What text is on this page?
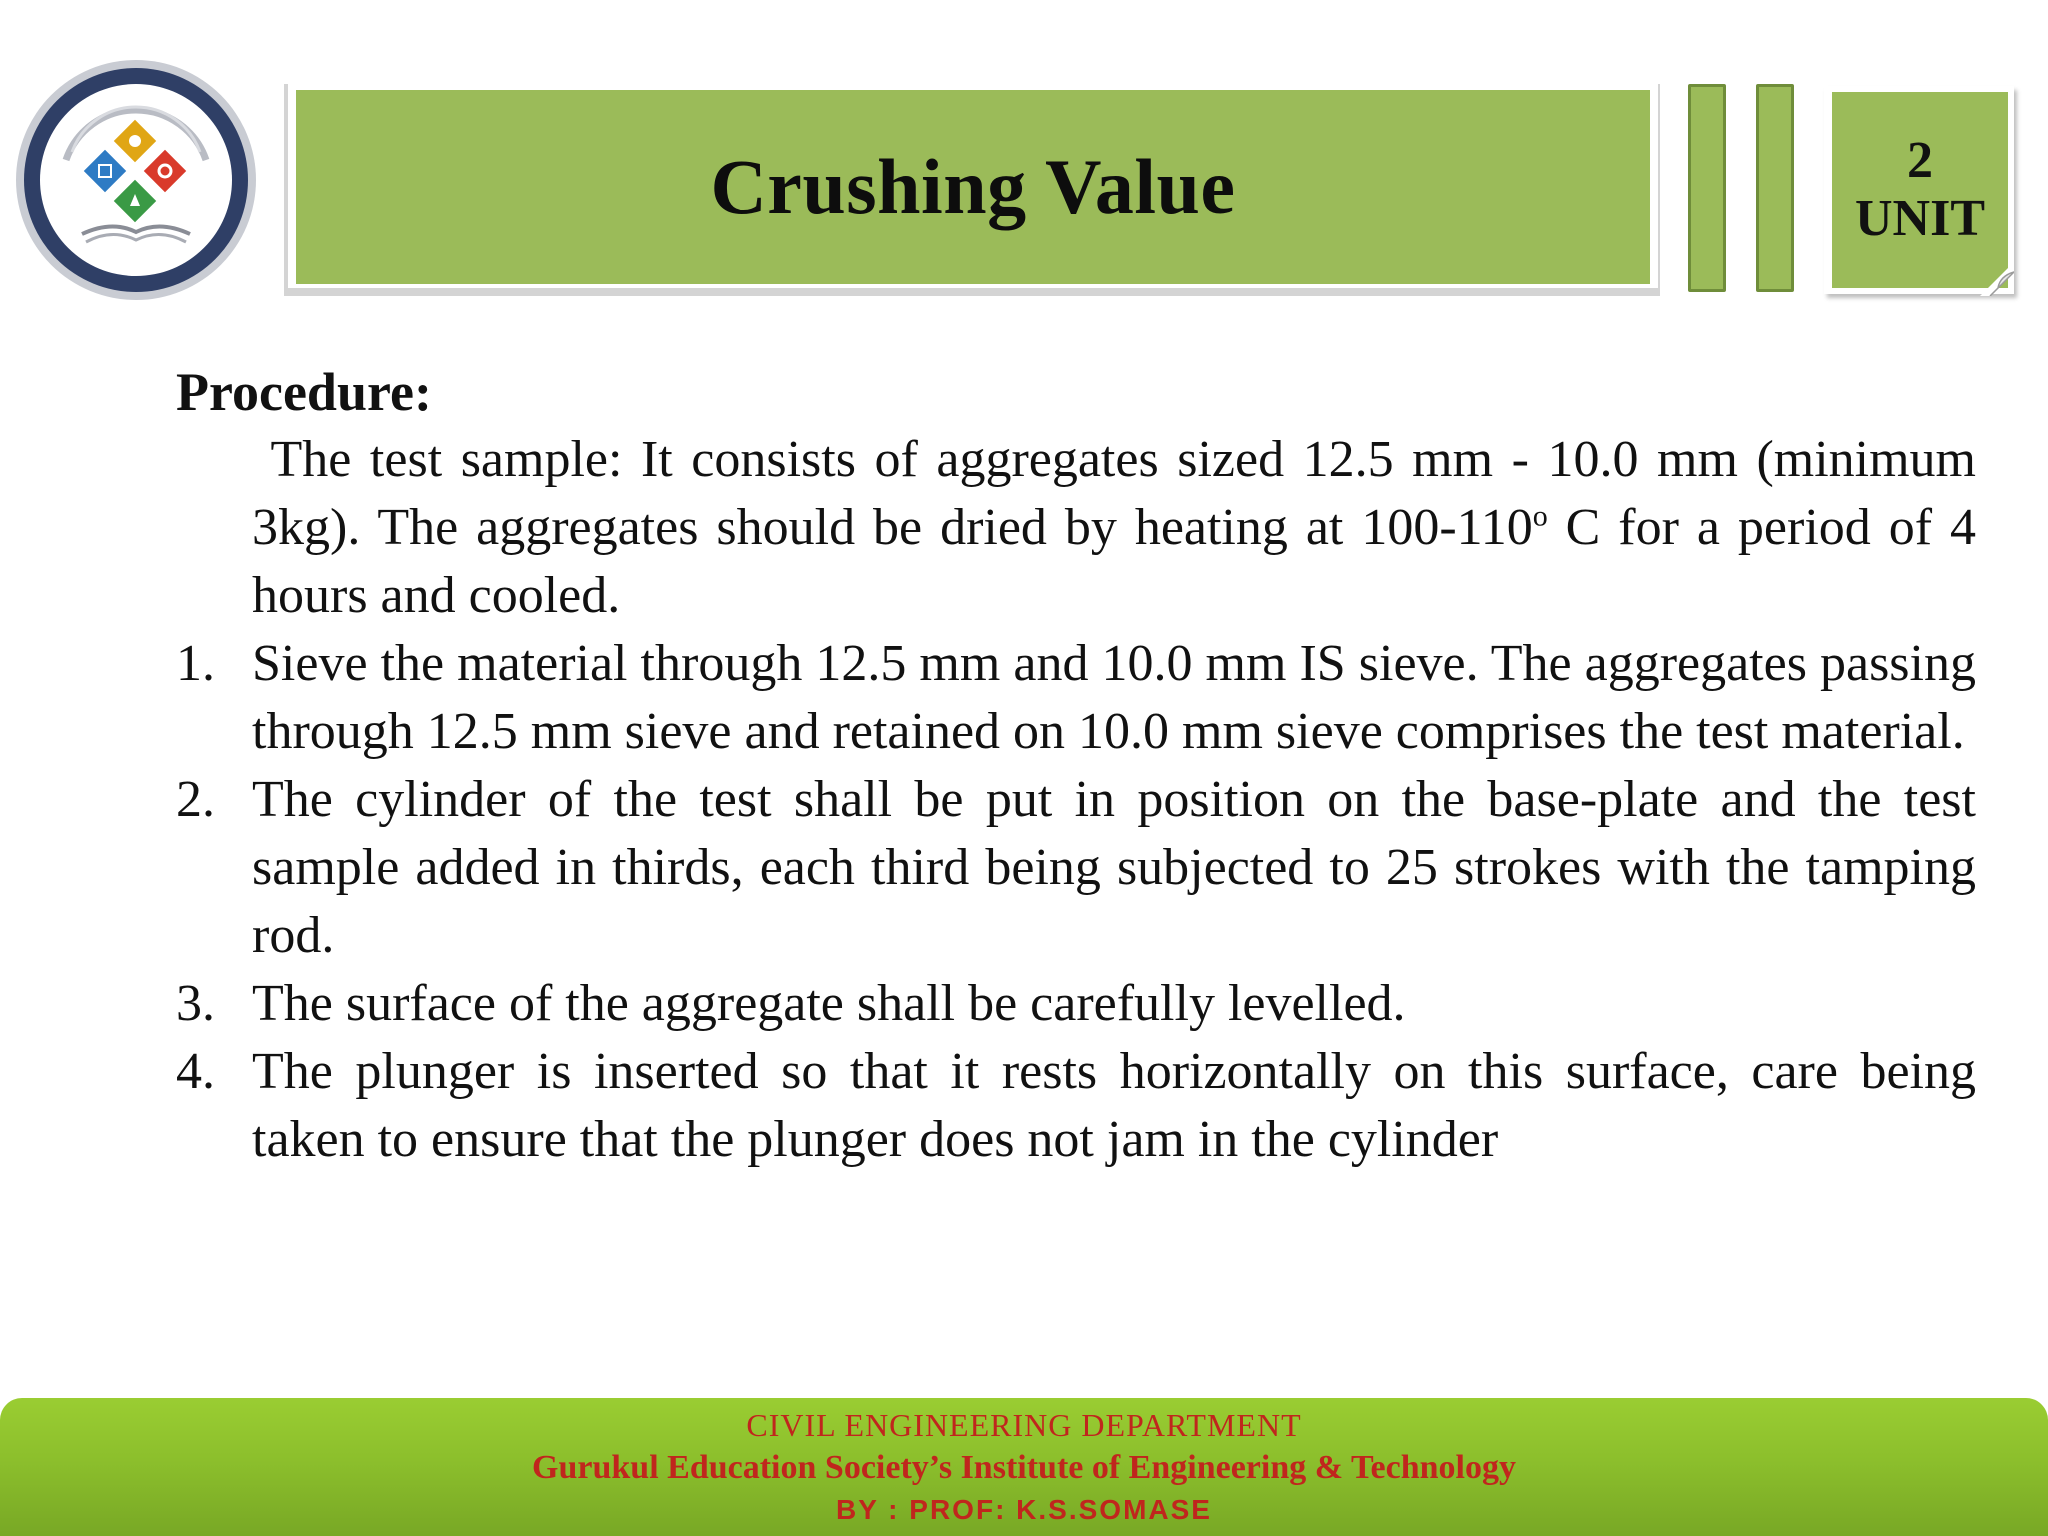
Crushing Value	2
UNIT
Procedure:

The test sample: It consists of aggregates sized 12.5 mm - 10.0 mm (minimum 3kg). The aggregates should be dried by heating at 100-110$^o$ C for a period of 4 hours and cooled.

1. Sieve the material through 12.5 mm and 10.0 mm IS sieve. The aggregates passing through 12.5 mm sieve and retained on 10.0 mm sieve comprises the test material.
2. The cylinder of the test shall be put in position on the base-plate and the test sample added in thirds, each third being subjected to 25 strokes with the tamping rod.
3. The surface of the aggregate shall be carefully levelled.
4. The plunger is inserted so that it rests horizontally on this surface, care being taken to ensure that the plunger does not jam in the cylinder
CIVIL ENGINEERING DEPARTMENT
Gurukul Education Society’s Institute of Engineering & Technology
BY : PROF: K.S.SOMASE
